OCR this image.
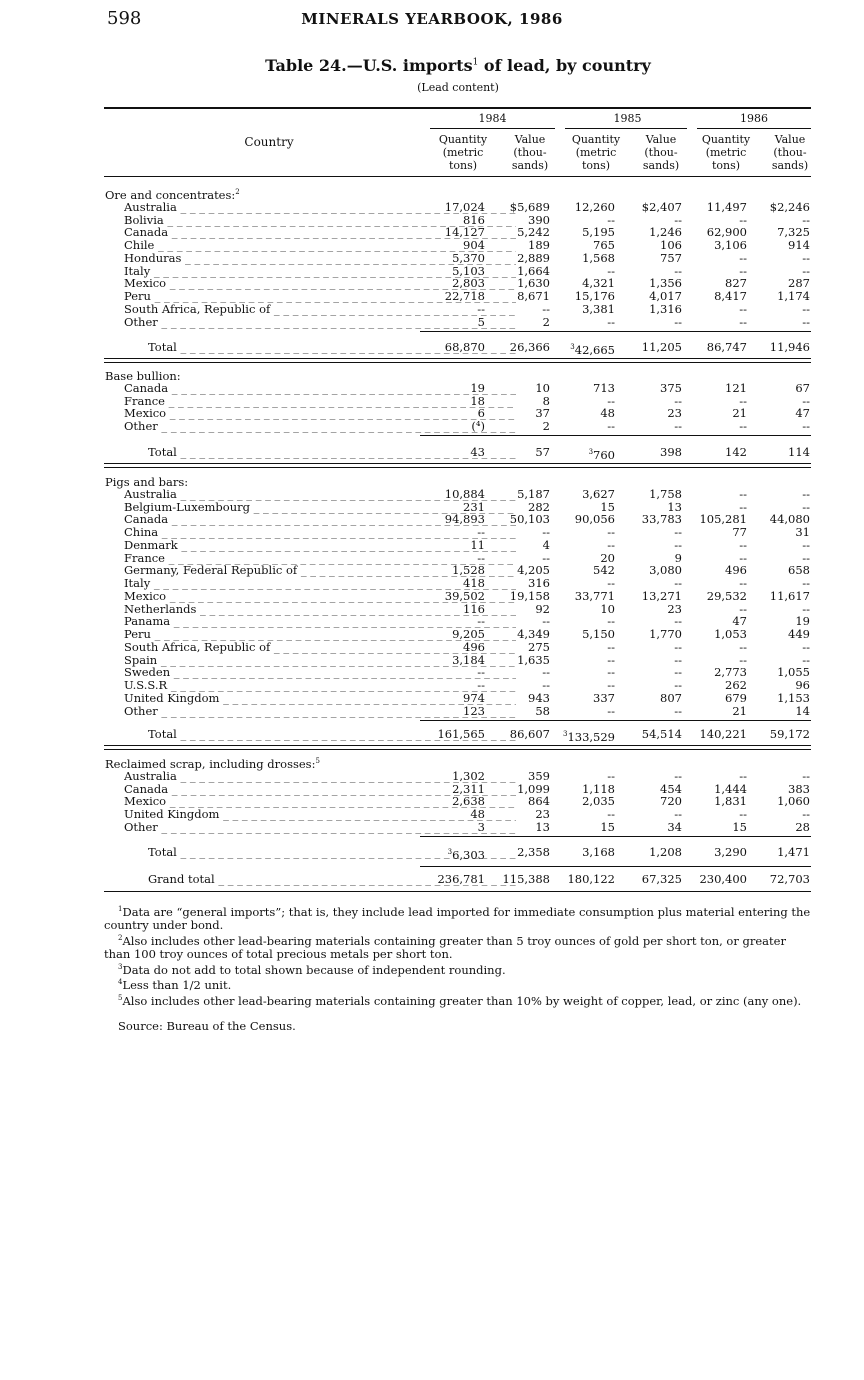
598	MINERALS YEARBOOK, 1986
Table 24.—U.S. imports$^1$ of lead, by country
(Lead content)
1984	1985	1986
Country	Quantity
(metric
tons)
Value
(thou-
sands)
Quantity
(metric
tons)
Value
(thou-
sands)
Quantity
(metric
tons)
Value
(thou-
sands)
Ore and concentrates:$^2$
Australia _ _ _	17,024	$5,689	12,260	$2,407	11,497	$2,246
Bolivia _ _ _	816	390	--	--	--	--
Canada _ _ _	14,127	5,242	5,195	1,246	62,900	7,325
Chile _ _ _	904	189	765	106	3,106	914
Honduras _ _ _	5,370	2,889	1,568	757	--	--
Italy _ _ _	5,103	1,664	--	--	--	--
Mexico _ _ _	2,803	1,630	4,321	1,356	827	287
Peru _ _ _	22,718	8,671	15,176	4,017	8,417	1,174
South Africa, Republic of _ _ _	--	--	3,381	1,316	--	--
Other _ _ _	5	2	--	--	--	--
Total _ _ _	68,870	26,366	$^3$42,665	11,205	86,747	11,946
Base bullion:
Canada _ _ _	19	10	713	375	121	67
France _ _ _	18	8	--	--	--	--
Mexico _ _ _	6	37	48	23	21	47
Other _ _ _	(⁴)	2	--	--	--	--
Total _ _ _	43	57	$^3$760	398	142	114
Pigs and bars:
Australia _ _ _	10,884	5,187	3,627	1,758	--	--
Belgium-Luxembourg _ _ _	231	282	15	13	--	--
Canada _ _ _	94,893	50,103	90,056	33,783	105,281	44,080
China _ _ _	--	--	--	--	77	31
Denmark _ _ _	11	4	--	--	--	--
France _ _ _	--	--	20	9	--	--
Germany, Federal Republic of _ _ _	1,528	4,205	542	3,080	496	658
Italy _ _ _	418	316	--	--	--	--
Mexico _ _ _	39,502	19,158	33,771	13,271	29,532	11,617
Netherlands _ _ _	116	92	10	23	--	--
Panama _ _ _	--	--	--	--	47	19
Peru _ _ _	9,205	4,349	5,150	1,770	1,053	449
South Africa, Republic of _ _ _	496	275	--	--	--	--
Spain _ _ _	3,184	1,635	--	--	--	--
Sweden _ _ _	--	--	--	--	2,773	1,055
U.S.S.R _ _ _	--	--	--	--	262	96
United Kingdom _ _ _	974	943	337	807	679	1,153
Other _ _ _	123	58	--	--	21	14
Total _ _ _	161,565	86,607	$^3$133,529	54,514	140,221	59,172
Reclaimed scrap, including drosses:$^5$
Australia _ _ _	1,302	359	--	--	--	--
Canada _ _ _	2,311	1,099	1,118	454	1,444	383
Mexico _ _ _	2,638	864	2,035	720	1,831	1,060
United Kingdom _ _ _	48	23	--	--	--	--
Other _ _ _	3	13	15	34	15	28
Total _ _ _	$^3$6,303	2,358	3,168	1,208	3,290	1,471
Grand total _ _ _	236,781	115,388	180,122	67,325	230,400	72,703

$^1$Data are “general imports”; that is, they include lead imported for immediate consumption plus material entering the country under bond.

$^2$Also includes other lead-bearing materials containing greater than 5 troy ounces of gold per short ton, or greater than 100 troy ounces of total precious metals per short ton.

$^3$Data do not add to total shown because of independent rounding.

$^4$Less than 1/2 unit.

$^5$Also includes other lead-bearing materials containing greater than 10% by weight of copper, lead, or zinc (any one).

Source: Bureau of the Census.
